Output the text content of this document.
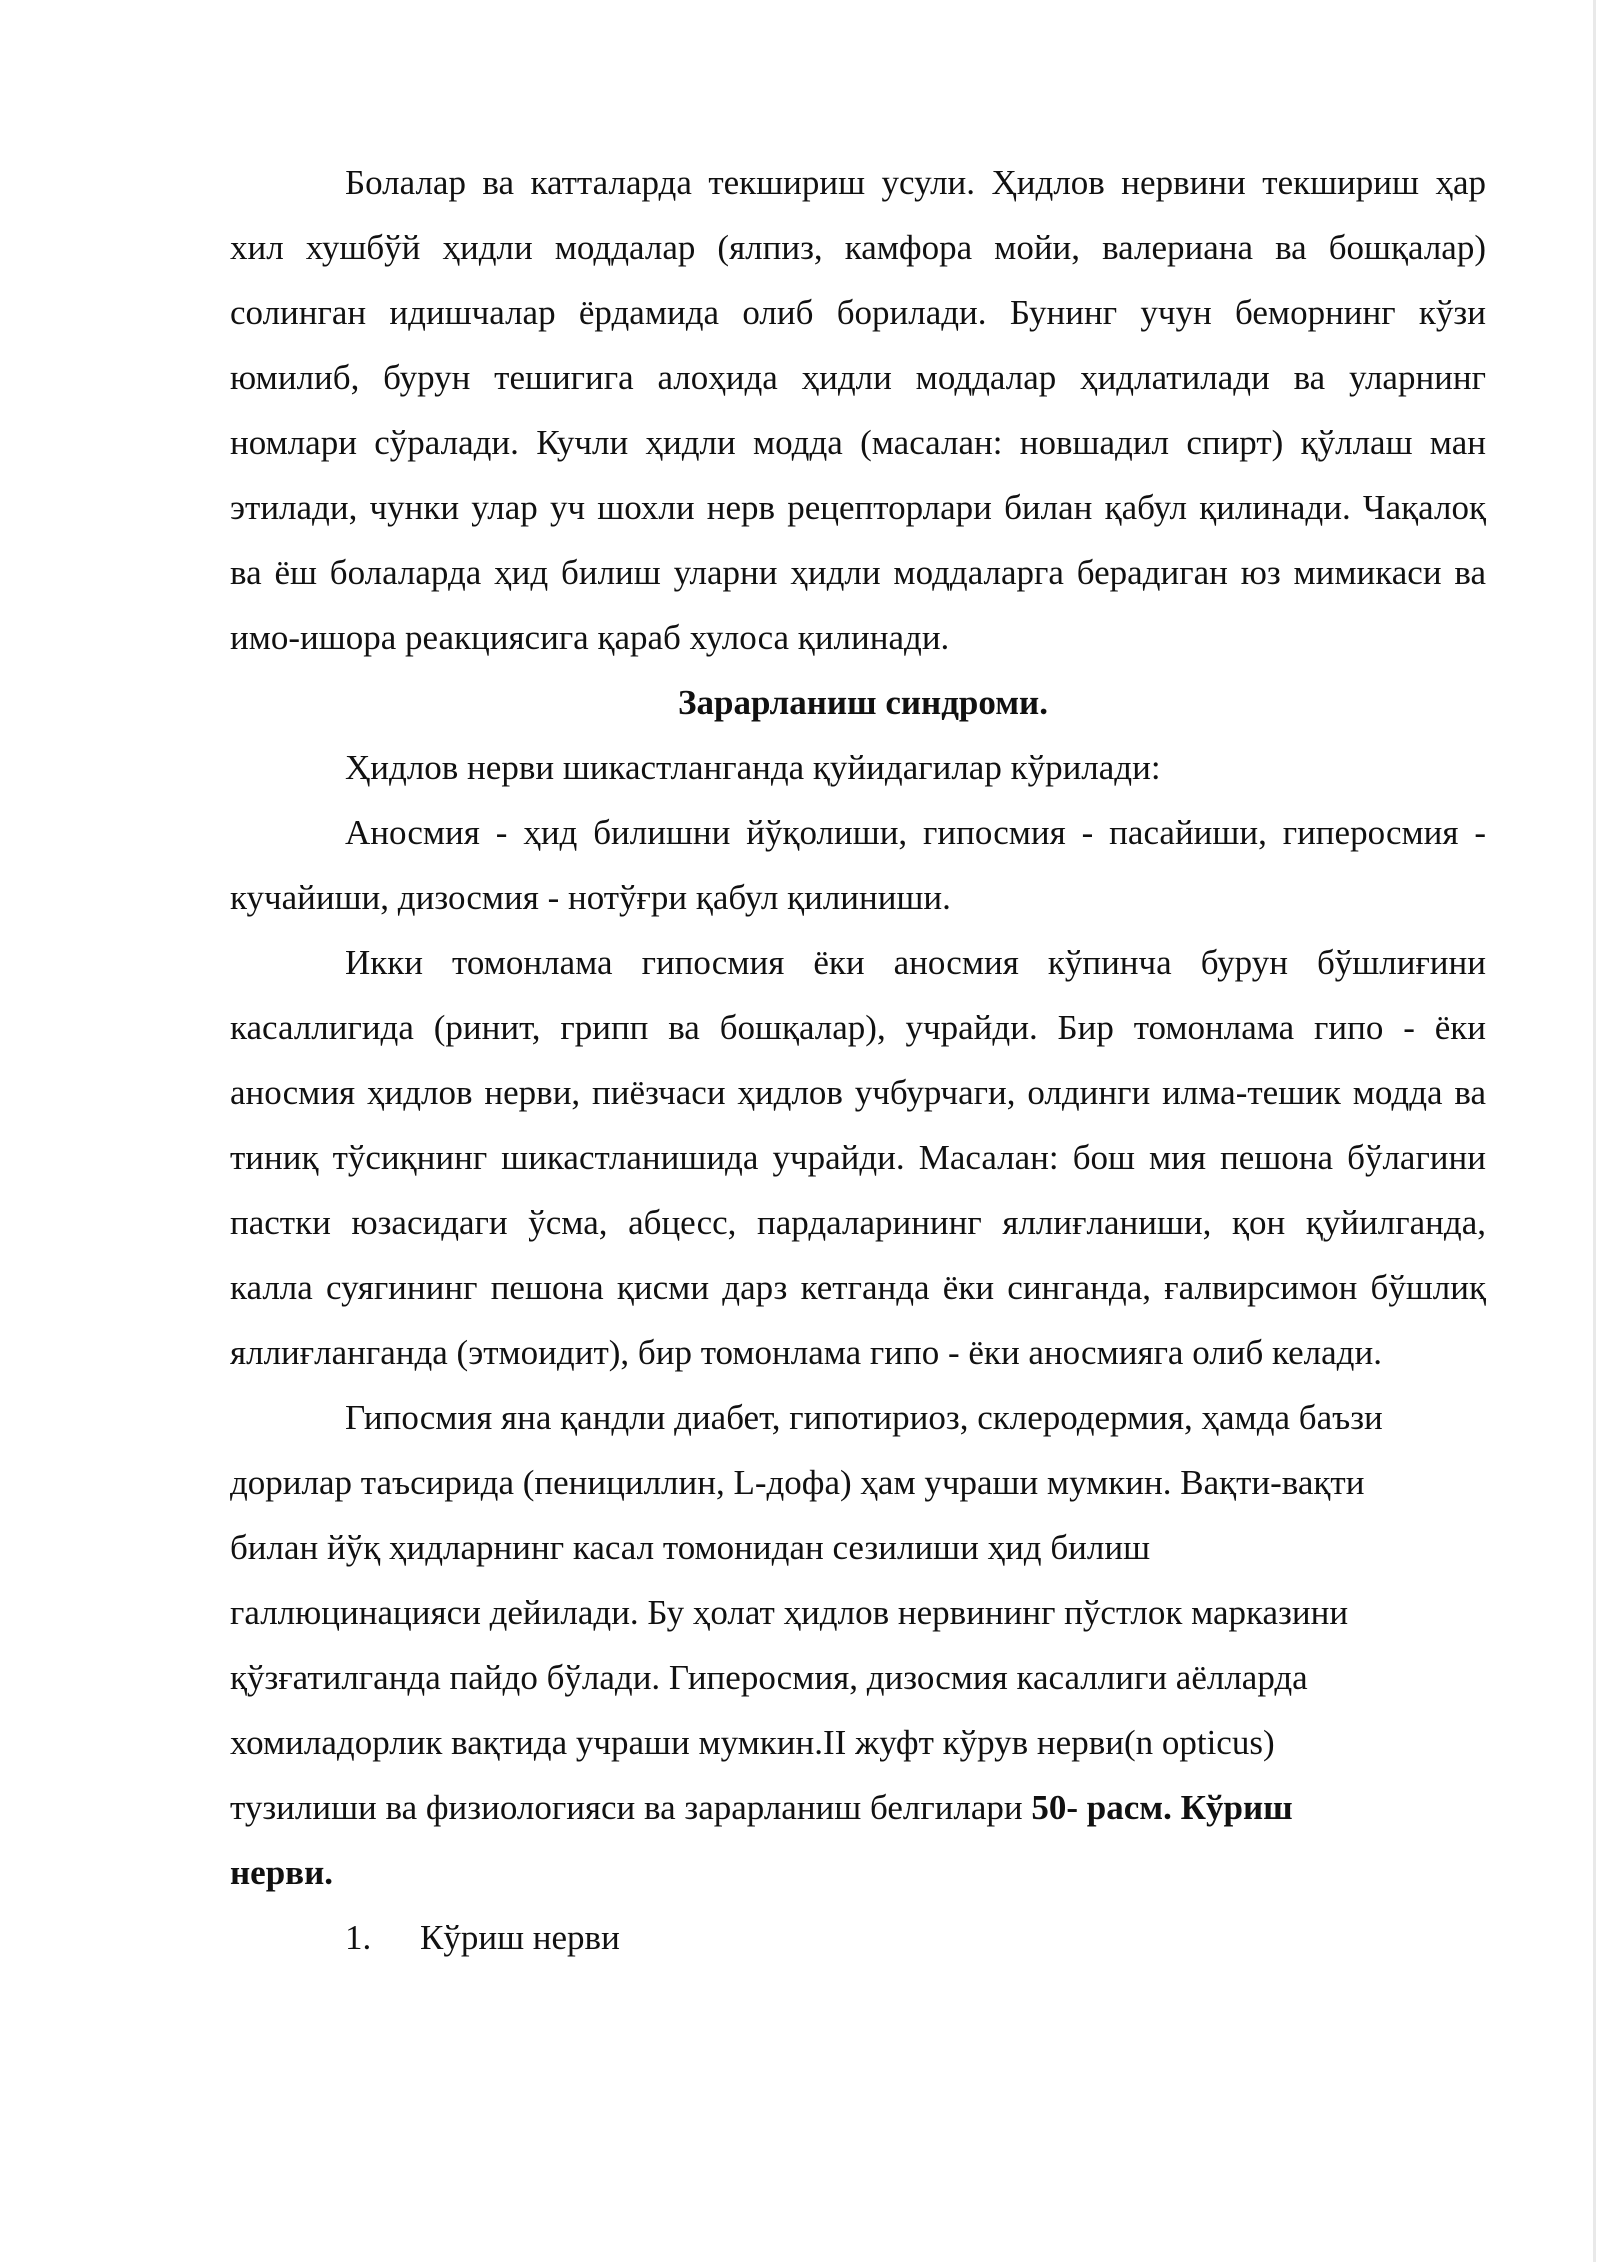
Болалар ва катталарда текшириш усули. Ҳидлов нервини текшириш ҳар хил хушбўй ҳидли моддалар (ялпиз, камфора мойи, валериана ва бошқалар) солинган идишчалар ёрдамида олиб борилади. Бунинг учун беморнинг кўзи юмилиб, бурун тешигига алоҳида ҳидли моддалар ҳидлатилади ва уларнинг номлари сўралади. Кучли ҳидли модда (масалан: новшадил спирт) қўллаш ман этилади, чунки улар уч шохли нерв рецепторлари билан қабул қилинади. Чақалоқ ва ёш болаларда ҳид билиш уларни ҳидли моддаларга берадиган юз мимикаси ва имо-ишора реакциясига қараб хулоса қилинади.

Зарарланиш синдроми.

Ҳидлов нерви шикастланганда қуйидагилар кўрилади:

Аносмия - ҳид билишни йўқолиши, гипосмия - пасайиши, гиперосмия - кучайиши, дизосмия - нотўғри қабул қилиниши.

Икки томонлама гипосмия ёки аносмия кўпинча бурун бўшлиғини касаллигида (ринит, грипп ва бошқалар), учрайди. Бир томонлама гипо - ёки аносмия ҳидлов нерви, пиёзчаси ҳидлов учбурчаги, олдинги илма-тешик модда ва тиниқ тўсиқнинг шикастланишида учрайди. Масалан: бош мия пешона бўлагини пастки юзасидаги ўсма, абцесс, пардаларининг яллиғланиши, қон қуйилганда, калла суягининг пешона қисми дарз кетганда ёки синганда, ғалвирсимон бўшлиқ яллиғланганда (этмоидит), бир томонлама гипо - ёки аносмияга олиб келади.

Гипосмия яна қандли диабет, гипотириоз, склеродермия, ҳамда баъзи
дорилар таъсирида (пенициллин, L-дофа) ҳам учраши мумкин. Вақти-вақти
билан йўқ ҳидларнинг касал томонидан сезилиши ҳид билиш
галлюцинацияси дейилади. Бу ҳолат ҳидлов нервининг пўстлок марказини
қўзғатилганда пайдо бўлади. Гиперосмия, дизосмия касаллиги аёлларда
хомиладорлик вақтида учраши мумкин.II жуфт кўрув нерви(n opticus)
тузилиши ва физиологияси ва зарарланиш белгилари 50- расм. Кўриш
нерви.
1. Кўриш нерви
